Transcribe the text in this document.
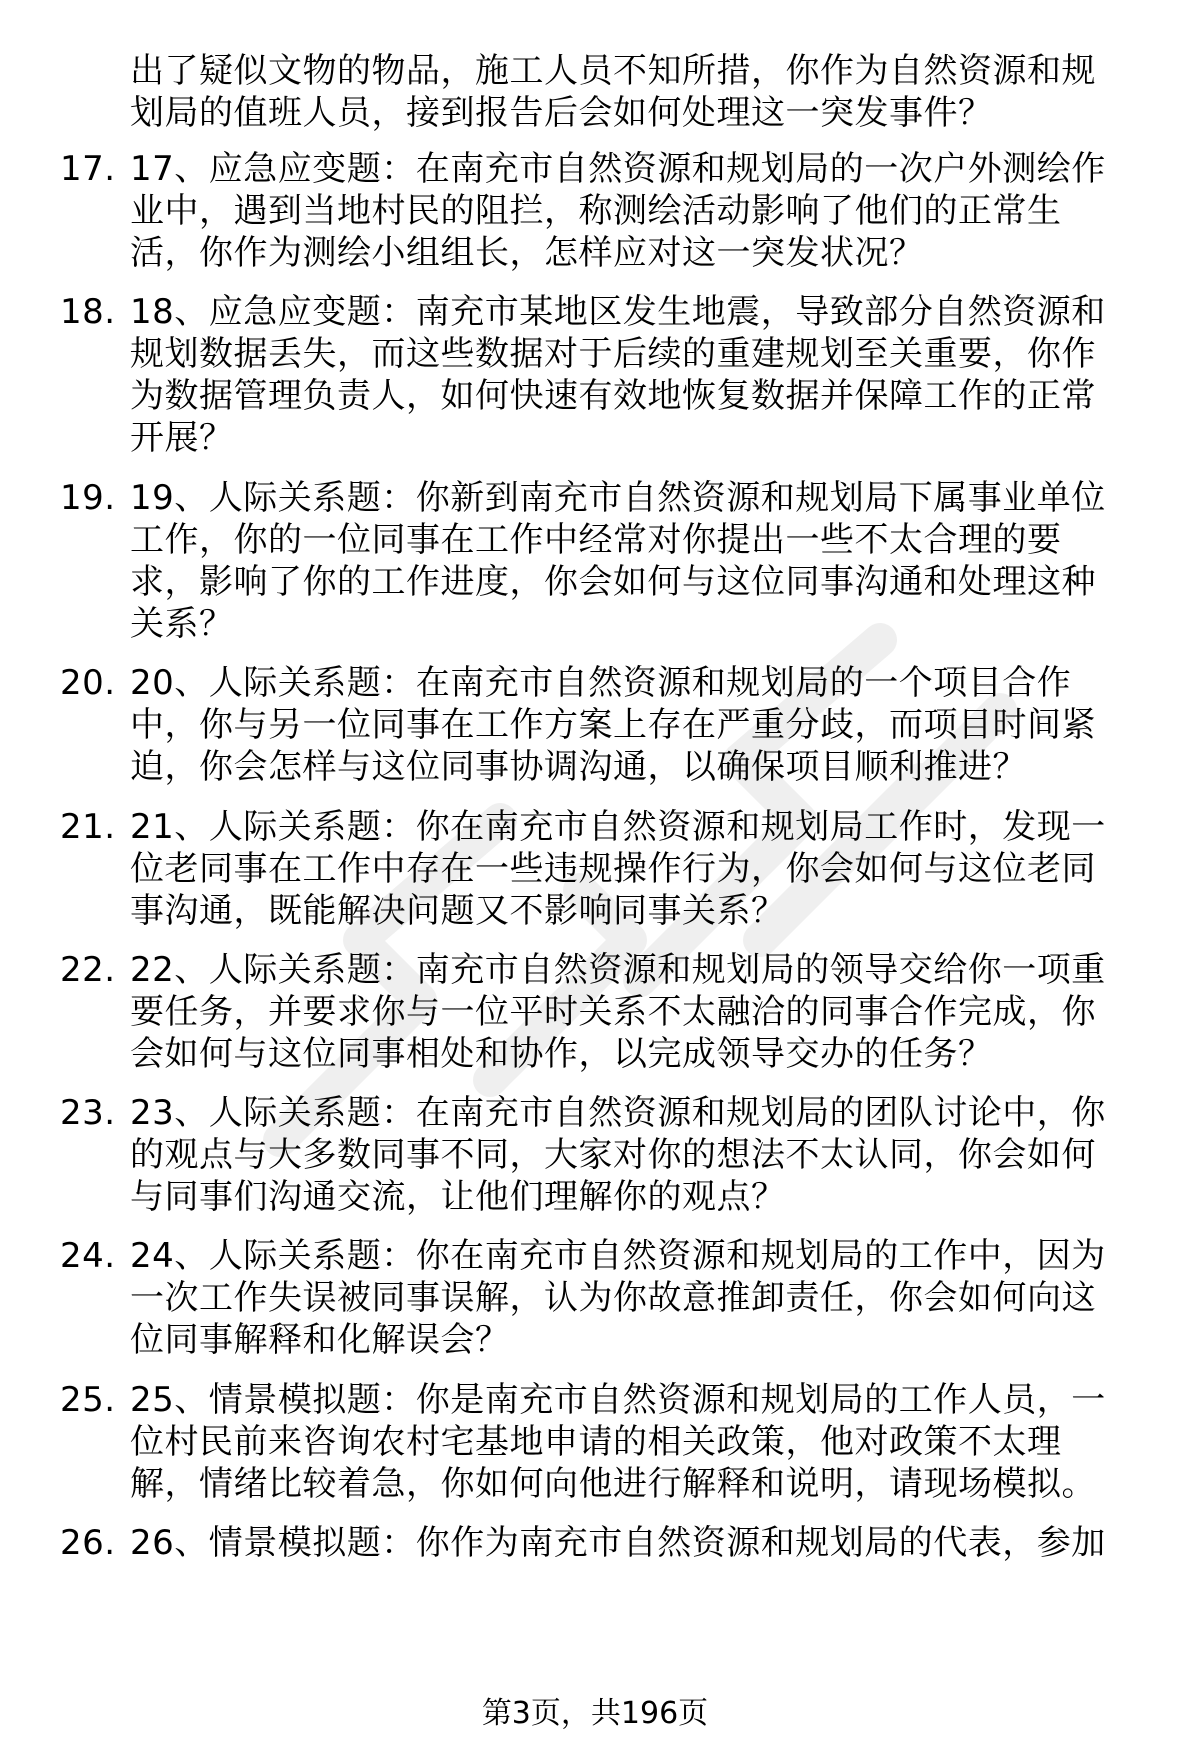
出了疑似文物的物品，施工人员不知所措，你作为自然资源和规
划局的值班人员，接到报告后会如何处理这一突发事件？
17. 17、应急应变题：在南充市自然资源和规划局的一次户外测绘作
业中，遇到当地村民的阻拦，称测绘活动影响了他们的正常生
活，你作为测绘小组组长，怎样应对这一突发状况？
18. 18、应急应变题：南充市某地区发生地震，导致部分自然资源和
规划数据丢失，而这些数据对于后续的重建规划至关重要，你作
为数据管理负责人，如何快速有效地恢复数据并保障工作的正常
开展？
19. 19、人际关系题：你新到南充市自然资源和规划局下属事业单位
工作，你的一位同事在工作中经常对你提出一些不太合理的要
求，影响了你的工作进度，你会如何与这位同事沟通和处理这种
关系？
20. 20、人际关系题：在南充市自然资源和规划局的一个项目合作
中，你与另一位同事在工作方案上存在严重分歧，而项目时间紧
迫，你会怎样与这位同事协调沟通，以确保项目顺利推进？
21. 21、人际关系题：你在南充市自然资源和规划局工作时，发现一
位老同事在工作中存在一些违规操作行为，你会如何与这位老同
事沟通，既能解决问题又不影响同事关系？
22. 22、人际关系题：南充市自然资源和规划局的领导交给你一项重
要任务，并要求你与一位平时关系不太融洽的同事合作完成，你
会如何与这位同事相处和协作，以完成领导交办的任务？
23. 23、人际关系题：在南充市自然资源和规划局的团队讨论中，你
的观点与大多数同事不同，大家对你的想法不太认同，你会如何
与同事们沟通交流，让他们理解你的观点？
24. 24、人际关系题：你在南充市自然资源和规划局的工作中，因为
一次工作失误被同事误解，认为你故意推卸责任，你会如何向这
位同事解释和化解误会？
25. 25、情景模拟题：你是南充市自然资源和规划局的工作人员，一
位村民前来咨询农村宅基地申请的相关政策，他对政策不太理
解，情绪比较着急，你如何向他进行解释和说明，请现场模拟。
26. 26、情景模拟题：你作为南充市自然资源和规划局的代表，参加
第3页，共196页
